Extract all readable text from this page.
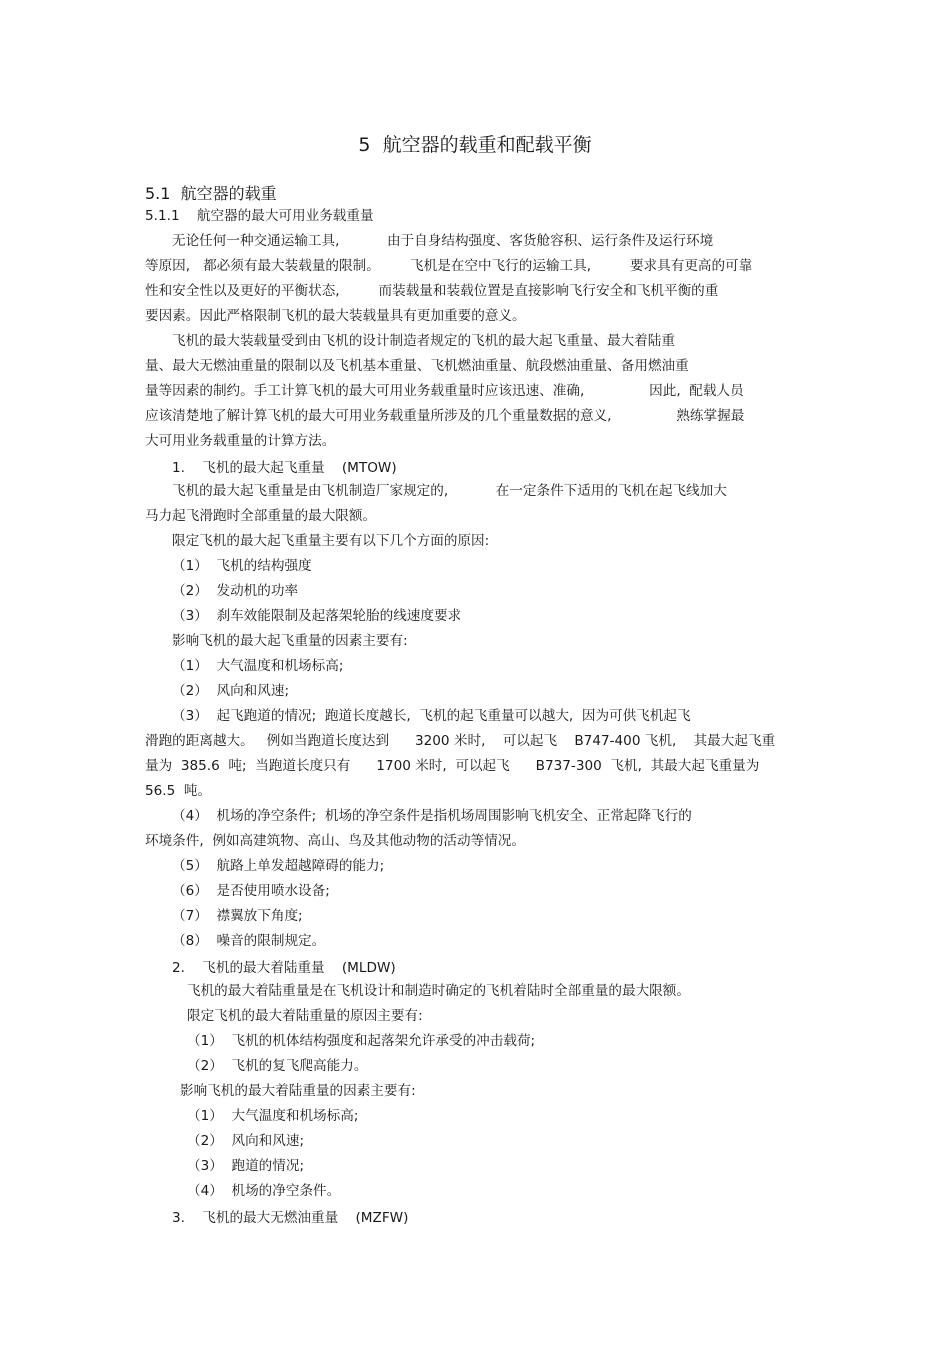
5  航空器的载重和配载平衡
5.1  航空器的载重
5.1.1    航空器的最大可用业务载重量
无论任何一种交通运输工具,           由于自身结构强度、客货舱容积、运行条件及运行环境
等原因,   都必须有最大装载量的限制。       飞机是在空中飞行的运输工具,         要求具有更高的可靠
性和安全性以及更好的平衡状态,         而装载量和装载位置是直接影响飞行安全和飞机平衡的重
要因素。因此严格限制飞机的最大装载量具有更加重要的意义。
飞机的最大装载量受到由飞机的设计制造者规定的飞机的最大起飞重量、最大着陆重
量、最大无燃油重量的限制以及飞机基本重量、飞机燃油重量、航段燃油重量、备用燃油重
量等因素的制约。手工计算飞机的最大可用业务载重量时应该迅速、准确,               因此,  配载人员
应该清楚地了解计算飞机的最大可用业务载重量所涉及的几个重量数据的意义,               熟练掌握最
大可用业务载重量的计算方法。
1.    飞机的最大起飞重量    (MTOW)
飞机的最大起飞重量是由飞机制造厂家规定的,           在一定条件下适用的飞机在起飞线加大
马力起飞滑跑时全部重量的最大限额。
限定飞机的最大起飞重量主要有以下几个方面的原因:
（1）  飞机的结构强度
（2）  发动机的功率
（3）  刹车效能限制及起落架轮胎的线速度要求
影响飞机的最大起飞重量的因素主要有:
（1）  大气温度和机场标高;
（2）  风向和风速;
（3）  起飞跑道的情况;  跑道长度越长,  飞机的起飞重量可以越大,  因为可供飞机起飞
滑跑的距离越大。   例如当跑道长度达到      3200 米时,    可以起飞    B747-400 飞机,    其最大起飞重
量为  385.6  吨;  当跑道长度只有      1700 米时,  可以起飞      B737-300  飞机,  其最大起飞重量为
56.5  吨。
（4）  机场的净空条件;  机场的净空条件是指机场周围影响飞机安全、正常起降飞行的
环境条件,  例如高建筑物、高山、鸟及其他动物的活动等情况。
（5）  航路上单发超越障碍的能力;
（6）  是否使用喷水设备;
（7）  襟翼放下角度;
（8）  噪音的限制规定。
2.    飞机的最大着陆重量    (MLDW)
飞机的最大着陆重量是在飞机设计和制造时确定的飞机着陆时全部重量的最大限额。
限定飞机的最大着陆重量的原因主要有:
（1）  飞机的机体结构强度和起落架允许承受的冲击载荷;
（2）  飞机的复飞爬高能力。
影响飞机的最大着陆重量的因素主要有:
（1）  大气温度和机场标高;
（2）  风向和风速;
（3）  跑道的情况;
（4）  机场的净空条件。
3.    飞机的最大无燃油重量    (MZFW)
